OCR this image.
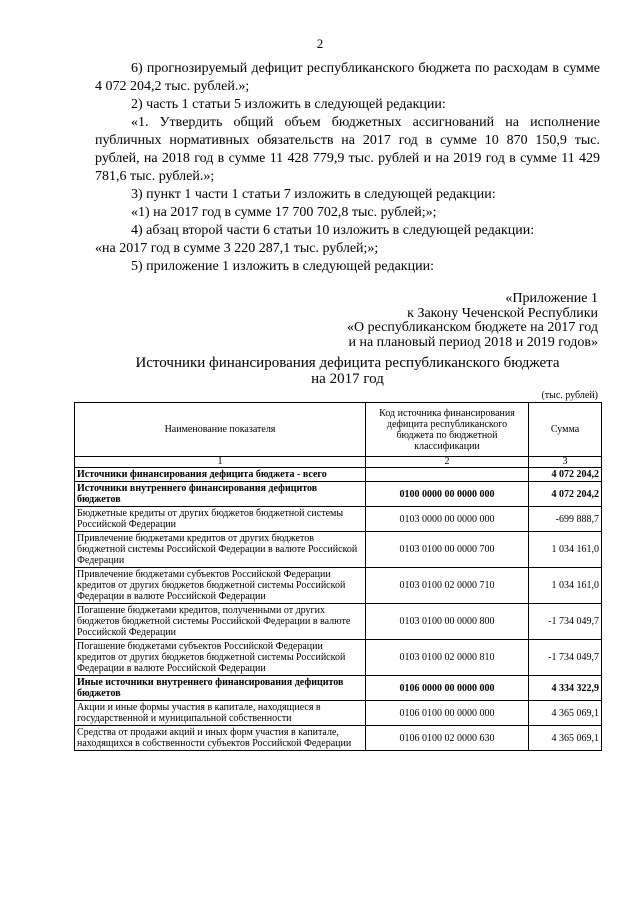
2
6) прогнозируемый дефицит республиканского бюджета по расходам в сумме 4 072 204,2 тыс. рублей.»;
2) часть 1 статьи 5 изложить в следующей редакции:
«1. Утвердить общий объем бюджетных ассигнований на исполнение публичных нормативных обязательств на 2017 год в сумме 10 870 150,9 тыс. рублей, на 2018 год в сумме 11 428 779,9 тыс. рублей и на 2019 год в сумме 11 429 781,6 тыс. рублей.»;
3) пункт 1 части 1 статьи 7 изложить в следующей редакции:
«1) на 2017 год в сумме 17 700 702,8 тыс. рублей;»;
4) абзац второй части 6 статьи 10 изложить в следующей редакции:
«на 2017 год в сумме 3 220 287,1 тыс. рублей;»;
5) приложение 1 изложить в следующей редакции:
«Приложение 1
к Закону Чеченской Республики
«О республиканском бюджете на 2017 год
и на плановый период 2018 и 2019 годов»
Источники финансирования дефицита республиканского бюджета
на 2017 год
(тыс. рублей)
Наименование показателя	Код источника финансирования дефицита республиканского бюджета по бюджетной классификации	Сумма
1	2	3
Источники финансирования дефицита бюджета - всего		4 072 204,2
Источники внутреннего финансирования дефицитов бюджетов	0100 0000 00 0000 000	4 072 204,2
Бюджетные кредиты от других бюджетов бюджетной системы Российской Федерации	0103 0000 00 0000 000	-699 888,7
Привлечение бюджетами кредитов от других бюджетов бюджетной системы Российской Федерации в валюте Российской Федерации	0103 0100 00 0000 700	1 034 161,0
Привлечение бюджетами субъектов Российской Федерации кредитов от других бюджетов бюджетной системы Российской Федерации в валюте Российской Федерации	0103 0100 02 0000 710	1 034 161,0
Погашение бюджетами кредитов, полученными от других бюджетов бюджетной системы Российской Федерации в валюте Российской Федерации	0103 0100 00 0000 800	-1 734 049,7
Погашение бюджетами субъектов Российской Федерации кредитов от других бюджетов бюджетной системы Российской Федерации в валюте Российской Федерации	0103 0100 02 0000 810	-1 734 049,7
Иные источники внутреннего финансирования дефицитов бюджетов	0106 0000 00 0000 000	4 334 322,9
Акции и иные формы участия в капитале, находящиеся в государственной и муниципальной собственности	0106 0100 00 0000 000	4 365 069,1
Средства от продажи акций и иных форм участия в капитале, находящихся в собственности субъектов Российской Федерации	0106 0100 02 0000 630	4 365 069,1
